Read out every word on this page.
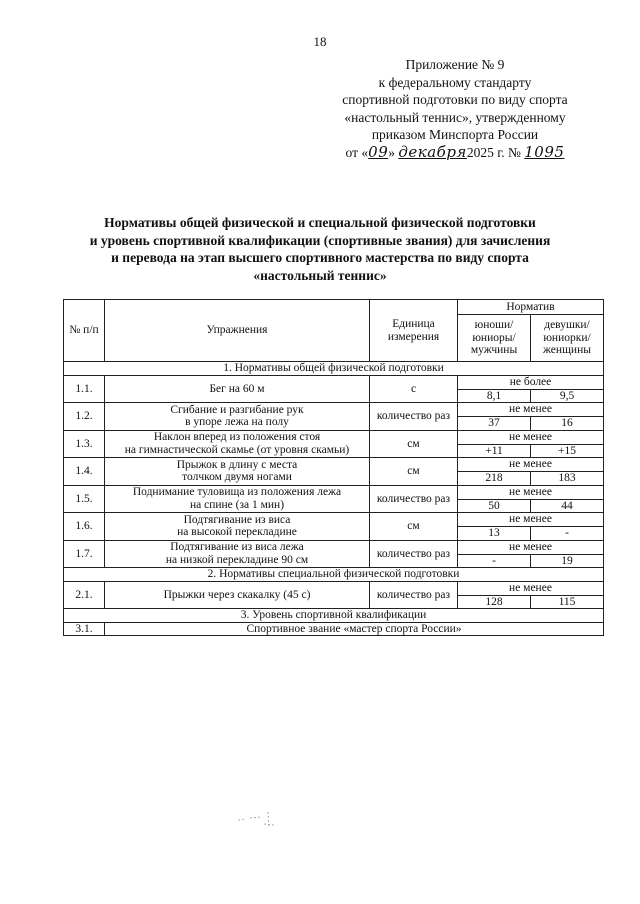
18
Приложение № 9
к федеральному стандарту
спортивной подготовки по виду спорта
«настольный теннис», утвержденному
приказом Минспорта России
от «09» декабря2025 г. № 1095
Нормативы общей физической и специальной физической подготовки
и уровень спортивной квалификации (спортивные звания) для зачисления
и перевода на этап высшего спортивного мастерства по виду спорта
«настольный теннис»
№ п/п	Упражнения	Единица измерения	Норматив	
			юноши/ юниоры/ мужчины	девушки/ юниорки/ женщины
1. Нормативы общей физической подготовки				
1.1.	Бег на 60 м	с	не более	
			8,1	9,5
1.2.	Сгибание и разгибание рук
в упоре лежа на полу	количество раз	не менее	
			37	16
1.3.	Наклон вперед из положения стоя
на гимнастической скамье (от уровня скамьи)	см	не менее	
			+11	+15
1.4.	Прыжок в длину с места
толчком двумя ногами	см	не менее	
			218	183
1.5.	Поднимание туловища из положения лежа
на спине (за 1 мин)	количество раз	не менее	
			50	44
1.6.	Подтягивание из виса
на высокой перекладине	см	не менее	
			13	-
1.7.	Подтягивание из виса лежа
на низкой перекладине 90 см	количество раз	не менее	
			-	19
2. Нормативы специальной физической подготовки				
2.1.	Прыжки через скакалку (45 с)	количество раз	не менее	
			128	115
3. Уровень спортивной квалификации				
3.1.	Спортивное звание «мастер спорта России»			
